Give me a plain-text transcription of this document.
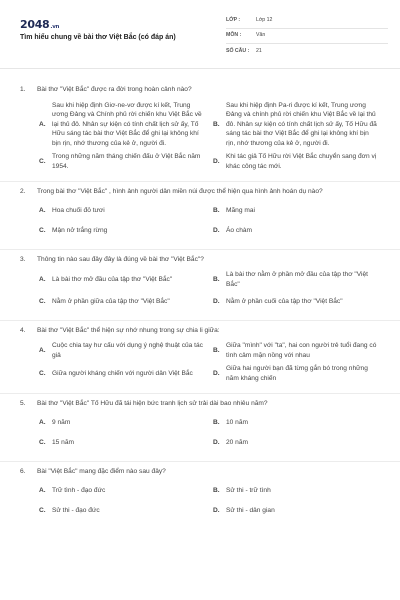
2048.vn
Tìm hiểu chung về bài thơ Việt Bắc (có đáp án)
LỚP :	Lớp 12
MÔN :	Văn
SỐ CÂU :	21
1.	Bài thơ "Việt Bắc" được ra đời trong hoàn cảnh nào?
A.
Sau khi hiệp định Giơ-ne-vơ được kí kết, Trung ương Đảng và Chính phủ rời chiến khu Việt Bắc về lại thủ đô. Nhân sự kiện có tính chất lịch sử ấy, Tố Hữu sáng tác bài thơ Việt Bắc để ghi lại không khí bịn rịn, nhớ thương của kẻ ở, người đi.
B.
Sau khi hiệp định Pa-ri được kí kết, Trung ương Đảng và chính phủ rời chiến khu Việt Bắc về lại thủ đô. Nhân sự kiện có tính chất lịch sử ấy, Tố Hữu đã sáng tác bài thơ Việt Bắc để ghi lại không khí bịn rịn, nhớ thương của kẻ ở, người đi.
C.
Trong những năm tháng chiến đấu ở Việt Bắc năm 1954.
D.
Khi tác giả Tố Hữu rời Việt Bắc chuyển sang đơn vị khác công tác mới.
2.	Trong bài thơ "Việt Bắc" , hình ảnh người dân miền núi được thể hiện qua hình ảnh hoán dụ nào?
A. Hoa chuối đỏ tươi	B. Mãng mai
C. Mận nở trắng rừng	D. Áo chàm
3.	Thông tin nào sau đây đây là đúng về bài thơ "Việt Bắc"?
A. Là bài thơ mở đầu của tập thơ "Việt Bắc"	B.
Là bài thơ nằm ở phần mở đầu của tập thơ "Việt Bắc"
C. Nằm ở phần giữa của tập thơ "Việt Bắc"	D. Nằm ở phần cuối của tập thơ "Việt Bắc"
4.	Bài thơ "Việt Bắc" thể hiện sự nhớ nhung trong sự chia li giữa:
A.
Cuộc chia tay hư cấu với dụng ý nghệ thuật của tác giả
B.
Giữa "mình" với "ta", hai con người trẻ tuổi đang có tình cảm mặn nồng với nhau
C. Giữa người kháng chiến với người dân Việt Bắc	D.
Giữa hai người bạn đã từng gắn bó trong những năm kháng chiến
5.	Bài thơ "Việt Bắc" Tố Hữu đã tái hiện bức tranh lịch sử trải dài bao nhiêu năm?
A. 9 năm	B. 10 năm
C. 15 năm	D. 20 năm
6.	Bài "Việt Bắc" mang đặc điểm nào sau đây?
A. Trữ tình - đạo đức	B. Sử thi - trữ tình
C. Sử thi - đạo đức	D. Sử thi - dân gian
